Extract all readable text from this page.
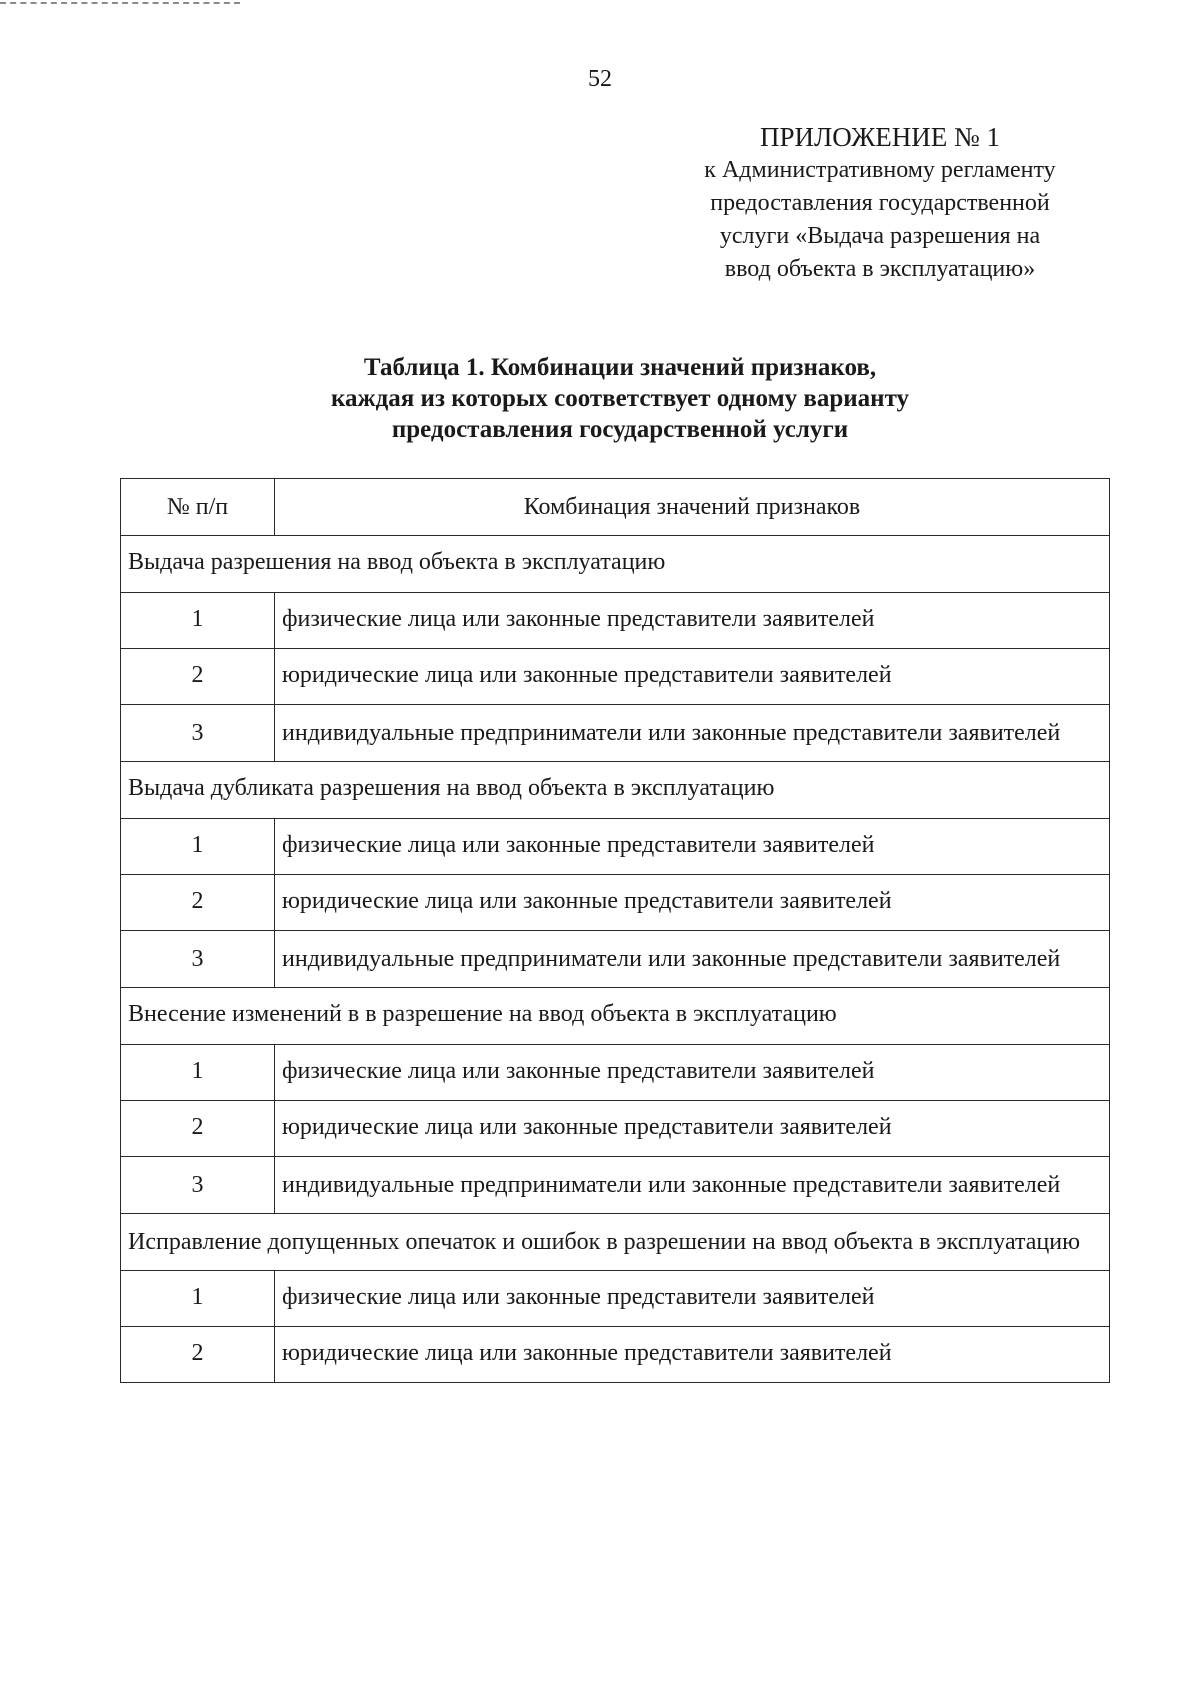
52
ПРИЛОЖЕНИЕ № 1
к Административному регламенту
предоставления государственной
услуги «Выдача разрешения на
ввод объекта в эксплуатацию»
Таблица 1. Комбинации значений признаков,
каждая из которых соответствует одному варианту
предоставления государственной услуги
№ п/п	Комбинация значений признаков
Выдача разрешения на ввод объекта в эксплуатацию	
1	физические лица или законные представители заявителей
2	юридические лица или законные представители заявителей
3	индивидуальные предприниматели или законные представители заявителей
Выдача дубликата разрешения на ввод объекта в эксплуатацию	
1	физические лица или законные представители заявителей
2	юридические лица или законные представители заявителей
3	индивидуальные предприниматели или законные представители заявителей
Внесение изменений в в разрешение на ввод объекта в эксплуатацию	
1	физические лица или законные представители заявителей
2	юридические лица или законные представители заявителей
3	индивидуальные предприниматели или законные представители заявителей
Исправление допущенных опечаток и ошибок в разрешении на ввод объекта в эксплуатацию	
1	физические лица или законные представители заявителей
2	юридические лица или законные представители заявителей
